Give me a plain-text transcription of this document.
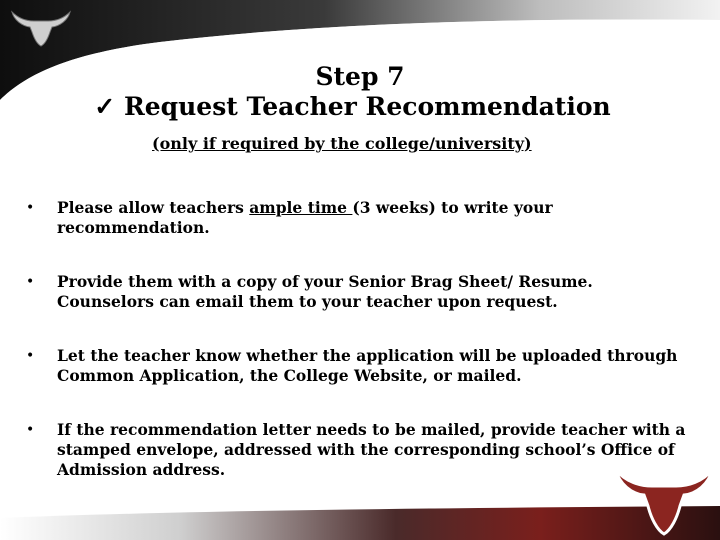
Step 7
✓ Request Teacher Recommendation
(only if required by the college/university)
• Please allow teachers ample time (3 weeks) to write your recommendation.
• Provide them with a copy of your Senior Brag Sheet/ Resume. Counselors can email them to your teacher upon request.
• Let the teacher know whether the application will be uploaded through Common Application, the College Website, or mailed.
• If the recommendation letter needs to be mailed, provide teacher with a stamped envelope, addressed with the corresponding school’s Office of Admission address.
